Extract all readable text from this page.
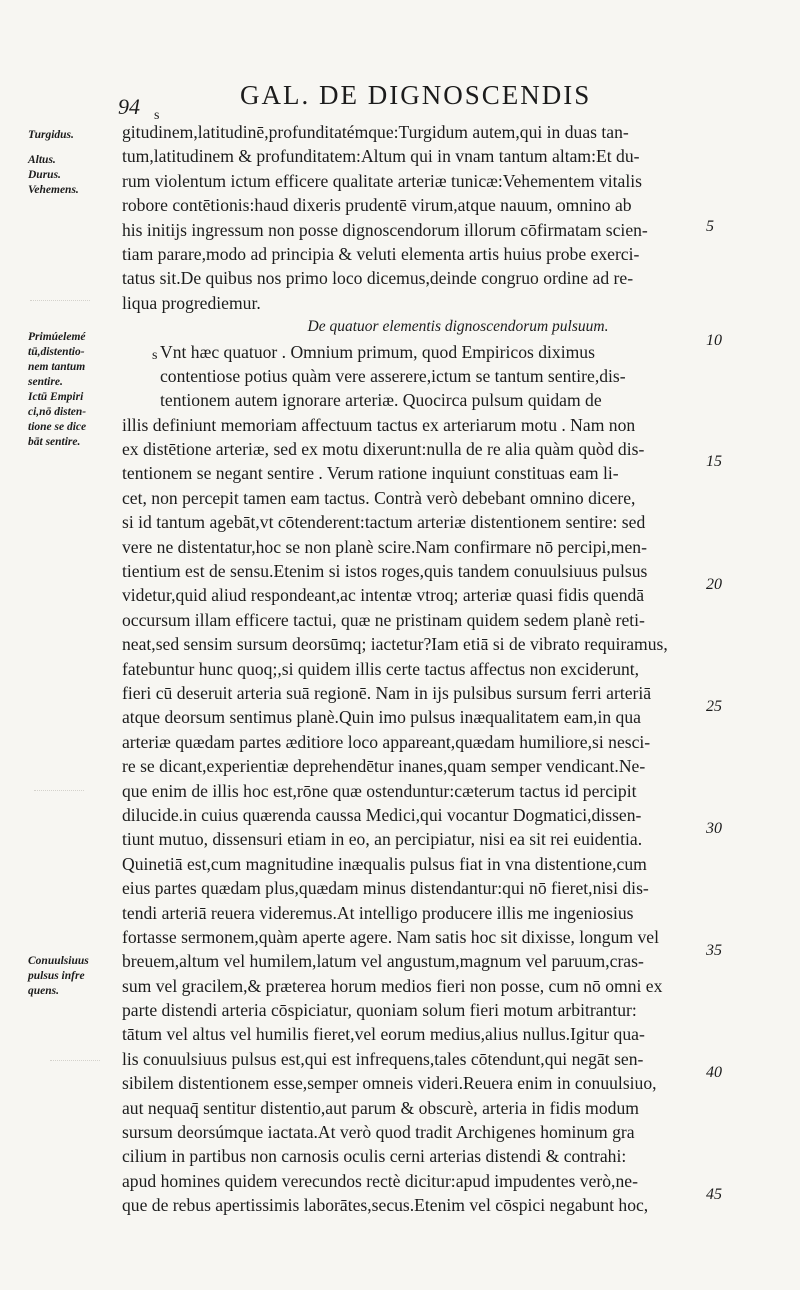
94	GAL. DE DIGNOSCENDIS
s
Turgidus.
Altus.
Durus.
Vehemens.
Primúelemé
tū,distentio-
nem tantum
sentire.
Ictū Empiri
ci,nō disten-
tione se dice
bāt sentire.
Conuulsiuus
pulsus infre
quens.
5
10
15
20
25
30
35
40
45
gitudinem,latitudinē,profunditatémque:Turgidum autem,qui in duas tan-
tum,latitudinem & profunditatem:Altum qui in vnam tantum altam:Et du-
rum violentum ictum efficere qualitate arteriæ tunicæ:Vehementem vitalis
robore contētionis:haud dixeris prudentē virum,atque nauum, omnino ab
his initijs ingressum non posse dignoscendorum illorum cōfirmatam scien-
tiam parare,modo ad principia & veluti elementa artis huius probe exerci-
tatus sit.De quibus nos primo loco dicemus,deinde congruo ordine ad re-
liqua progrediemur.
De quatuor elementis dignoscendorum pulsuum.
Vnt hæc quatuor . Omnium primum, quod Empiricos diximus
contentiose potius quàm vere asserere,ictum se tantum sentire,dis-
tentionem autem ignorare arteriæ. Quocirca pulsum quidam de
illis definiunt memoriam affectuum tactus ex arteriarum motu . Nam non
ex distētione arteriæ, sed ex motu dixerunt:nulla de re alia quàm quòd dis-
tentionem se negant sentire . Verum ratione inquiunt constituas eam li-
cet, non percepit tamen eam tactus. Contrà verò debebant omnino dicere,
si id tantum agebāt,vt cōtenderent:tactum arteriæ distentionem sentire: sed
vere ne distentatur,hoc se non planè scire.Nam confirmare nō percipi,men-
tientium est de sensu.Etenim si istos roges,quis tandem conuulsiuus pulsus
videtur,quid aliud respondeant,ac intentæ vtroq; arteriæ quasi fidis quendā
occursum illam efficere tactui, quæ ne pristinam quidem sedem planè reti-
neat,sed sensim sursum deorsūmq; iactetur?Iam etiā si de vibrato requiramus,
fatebuntur hunc quoq;,si quidem illis certe tactus affectus non exciderunt,
fieri cū deseruit arteria suā regionē. Nam in ijs pulsibus sursum ferri arteriā
atque deorsum sentimus planè.Quin imo pulsus inæqualitatem eam,in qua
arteriæ quædam partes æditiore loco appareant,quædam humiliore,si nesci-
re se dicant,experientiæ deprehendētur inanes,quam semper vendicant.Ne-
que enim de illis hoc est,rōne quæ ostenduntur:cæterum tactus id percipit
dilucide.in cuius quærenda caussa Medici,qui vocantur Dogmatici,dissen-
tiunt mutuo, dissensuri etiam in eo, an percipiatur, nisi ea sit rei euidentia.
Quinetiā est,cum magnitudine inæqualis pulsus fiat in vna distentione,cum
eius partes quædam plus,quædam minus distendantur:qui nō fieret,nisi dis-
tendi arteriā reuera videremus.At intelligo producere illis me ingeniosius
fortasse sermonem,quàm aperte agere. Nam satis hoc sit dixisse, longum vel
breuem,altum vel humilem,latum vel angustum,magnum vel paruum,cras-
sum vel gracilem,& præterea horum medios fieri non posse, cum nō omni ex
parte distendi arteria cōspiciatur, quoniam solum fieri motum arbitrantur:
tātum vel altus vel humilis fieret,vel eorum medius,alius nullus.Igitur qua-
lis conuulsiuus pulsus est,qui est infrequens,tales cōtendunt,qui negāt sen-
sibilem distentionem esse,semper omneis videri.Reuera enim in conuulsiuo,
aut nequaq̄ sentitur distentio,aut parum & obscurè, arteria in fidis modum
sursum deorsúmque iactata.At verò quod tradit Archigenes hominum gra
cilium in partibus non carnosis oculis cerni arterias distendi & contrahi:
apud homines quidem verecundos rectè dicitur:apud impudentes verò,ne-
que de rebus apertissimis laborātes,secus.Etenim vel cōspici negabunt hoc,
s
